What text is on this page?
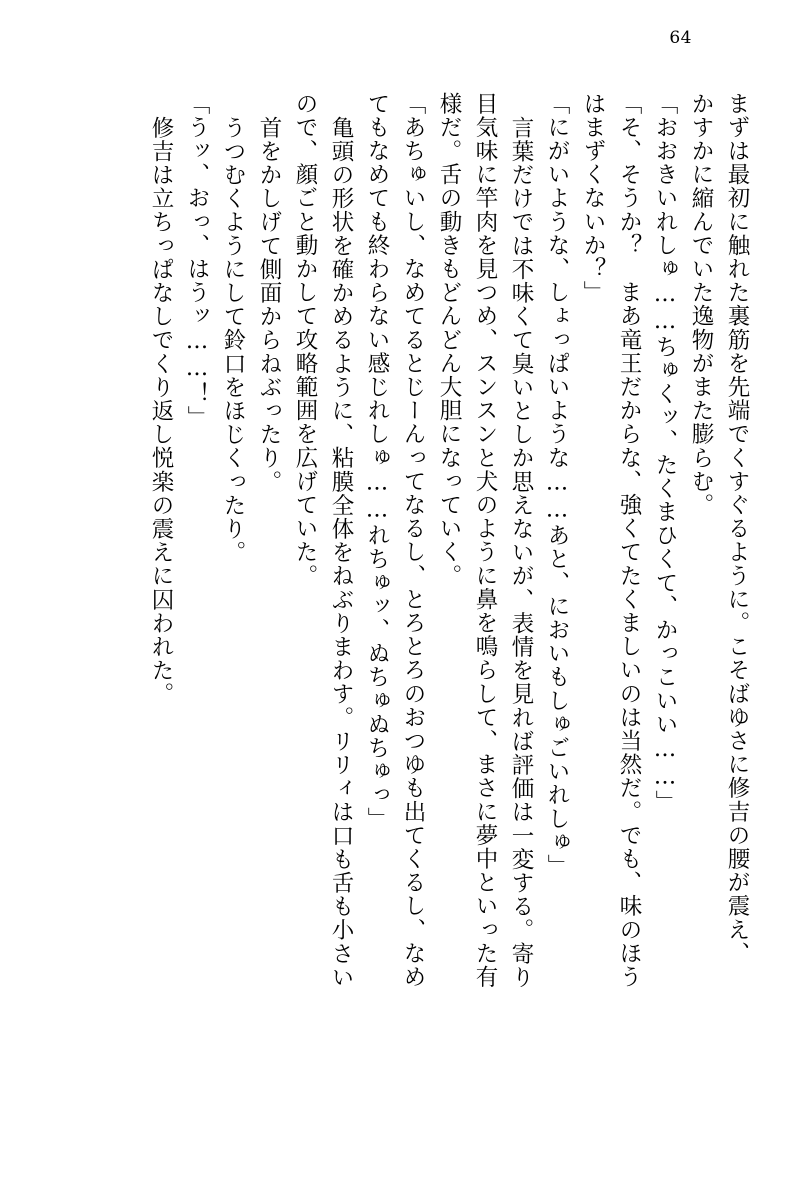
64
まずは最初に触れた裏筋を先端でくすぐるように。こそばゆさに修吉の腰が震え、
かすかに縮んでいた逸物がまた膨らむ。
「おおきいれしゅ……ちゅくッ、たくまひくて、かっこいい……」
「そ、そうか？　まあ竜王だからな、強くてたくましいのは当然だ。でも、味のほう
はまずくないか？」
「にがいような、しょっぱいような……あと、においもしゅごいれしゅ」
言葉だけでは不味くて臭いとしか思えないが、表情を見れば評価は一変する。寄り
目気味に竿肉を見つめ、スンスンと犬のように鼻を鳴らして、まさに夢中といった有
様だ。舌の動きもどんどん大胆になっていく。
「あちゅいし、なめてるとじーんってなるし、とろとろのおつゆも出てくるし、なめ
てもなめても終わらない感じれしゅ……れちゅッ、ぬちゅぬちゅっ」
亀頭の形状を確かめるように、粘膜全体をねぶりまわす。リリィは口も舌も小さい
ので、顔ごと動かして攻略範囲を広げていた。
首をかしげて側面からねぶったり。
うつむくようにして鈴口をほじくったり。
「うッ、おっ、はうッ……！」
修吉は立ちっぱなしでくり返し悦楽の震えに囚われた。
